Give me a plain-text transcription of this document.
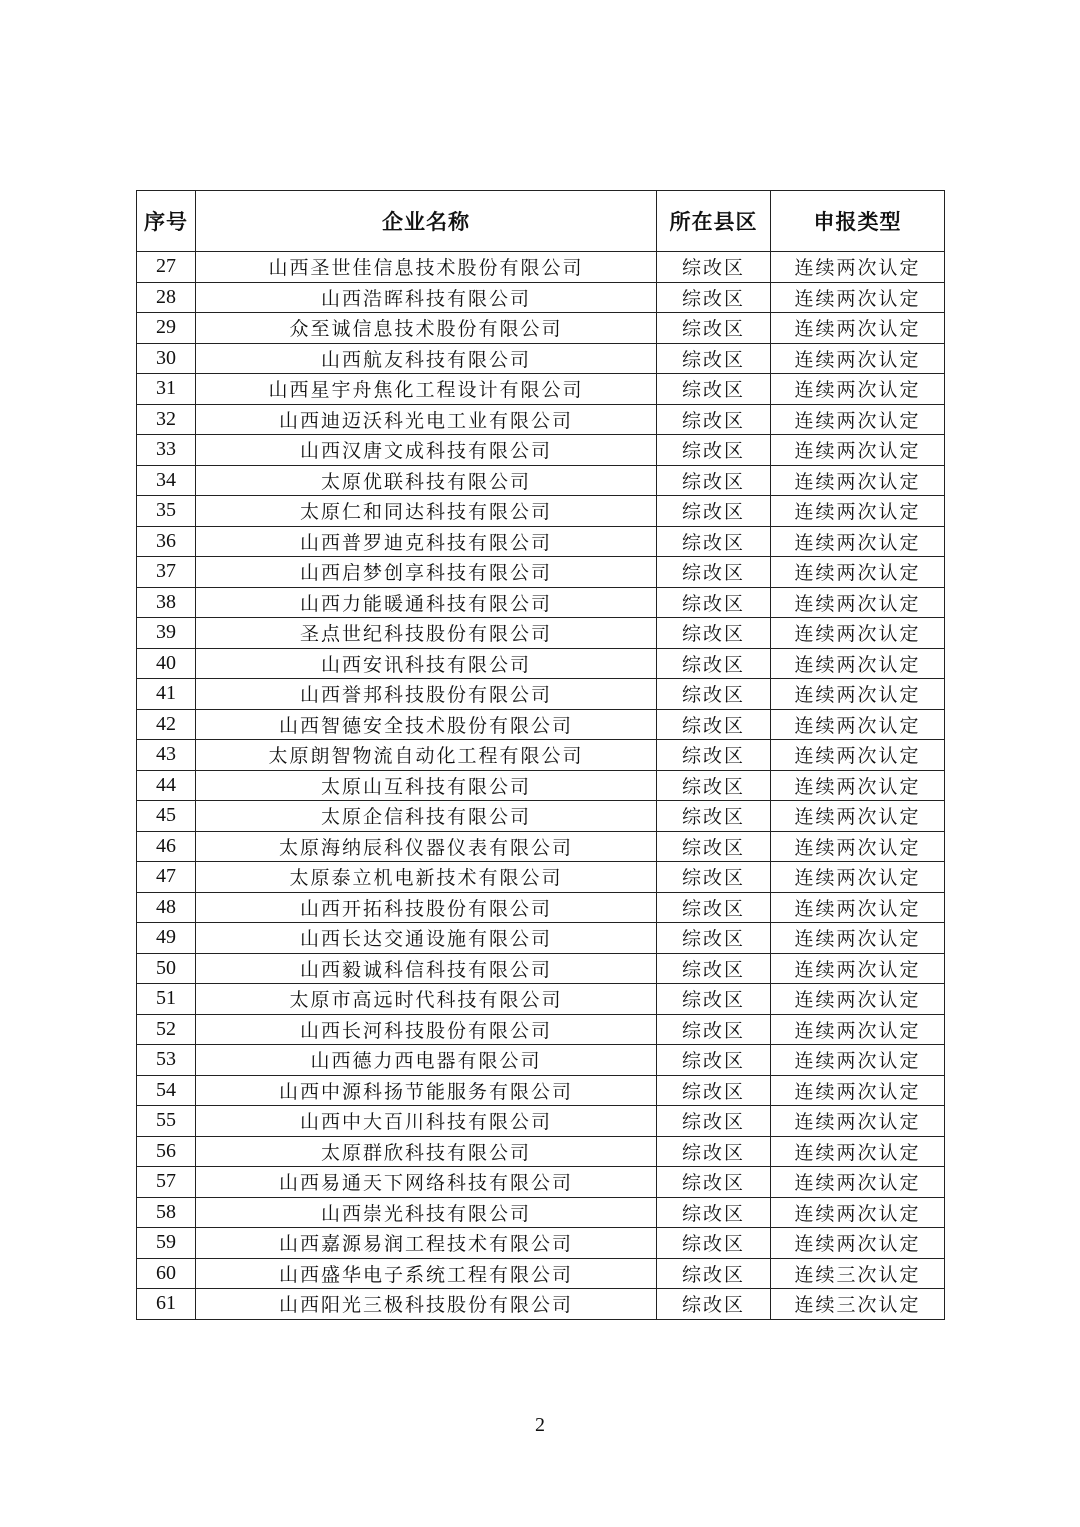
序号	企业名称	所在县区	申报类型
27	山西圣世佳信息技术股份有限公司	综改区	连续两次认定
28	山西浩晖科技有限公司	综改区	连续两次认定
29	众至诚信息技术股份有限公司	综改区	连续两次认定
30	山西航友科技有限公司	综改区	连续两次认定
31	山西星宇舟焦化工程设计有限公司	综改区	连续两次认定
32	山西迪迈沃科光电工业有限公司	综改区	连续两次认定
33	山西汉唐文成科技有限公司	综改区	连续两次认定
34	太原优联科技有限公司	综改区	连续两次认定
35	太原仁和同达科技有限公司	综改区	连续两次认定
36	山西普罗迪克科技有限公司	综改区	连续两次认定
37	山西启梦创享科技有限公司	综改区	连续两次认定
38	山西力能暖通科技有限公司	综改区	连续两次认定
39	圣点世纪科技股份有限公司	综改区	连续两次认定
40	山西安讯科技有限公司	综改区	连续两次认定
41	山西誉邦科技股份有限公司	综改区	连续两次认定
42	山西智德安全技术股份有限公司	综改区	连续两次认定
43	太原朗智物流自动化工程有限公司	综改区	连续两次认定
44	太原山互科技有限公司	综改区	连续两次认定
45	太原企信科技有限公司	综改区	连续两次认定
46	太原海纳辰科仪器仪表有限公司	综改区	连续两次认定
47	太原泰立机电新技术有限公司	综改区	连续两次认定
48	山西开拓科技股份有限公司	综改区	连续两次认定
49	山西长达交通设施有限公司	综改区	连续两次认定
50	山西毅诚科信科技有限公司	综改区	连续两次认定
51	太原市高远时代科技有限公司	综改区	连续两次认定
52	山西长河科技股份有限公司	综改区	连续两次认定
53	山西德力西电器有限公司	综改区	连续两次认定
54	山西中源科扬节能服务有限公司	综改区	连续两次认定
55	山西中大百川科技有限公司	综改区	连续两次认定
56	太原群欣科技有限公司	综改区	连续两次认定
57	山西易通天下网络科技有限公司	综改区	连续两次认定
58	山西崇光科技有限公司	综改区	连续两次认定
59	山西嘉源易润工程技术有限公司	综改区	连续两次认定
60	山西盛华电子系统工程有限公司	综改区	连续三次认定
61	山西阳光三极科技股份有限公司	综改区	连续三次认定
2
